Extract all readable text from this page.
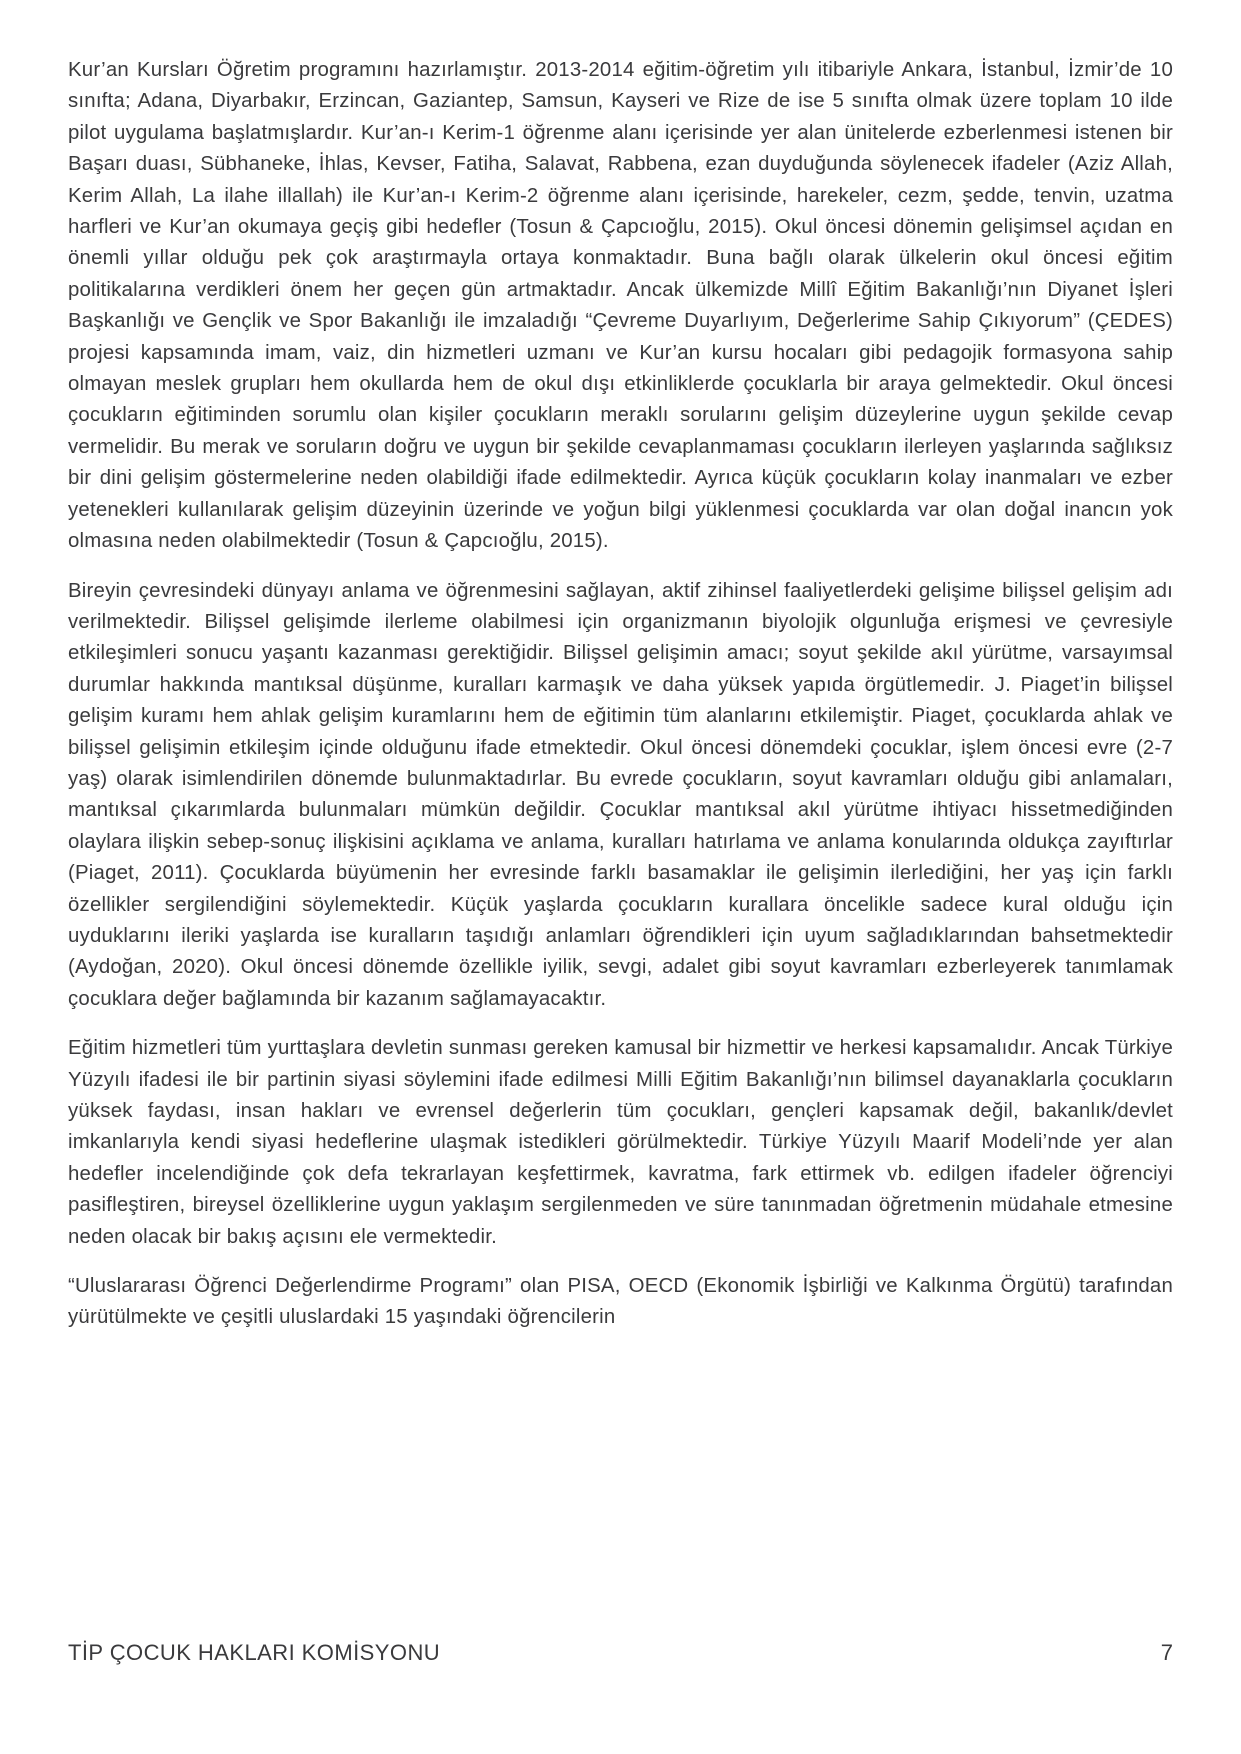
Kur’an Kursları Öğretim programını hazırlamıştır. 2013-2014 eğitim-öğretim yılı itibariyle Ankara, İstanbul, İzmir’de 10 sınıfta; Adana, Diyarbakır, Erzincan, Gaziantep, Samsun, Kayseri ve Rize de ise 5 sınıfta olmak üzere toplam 10 ilde pilot uygulama başlatmışlardır. Kur’an-ı Kerim-1 öğrenme alanı içerisinde yer alan ünitelerde ezberlenmesi istenen bir Başarı duası, Sübhaneke, İhlas, Kevser, Fatiha, Salavat, Rabbena, ezan duyduğunda söylenecek ifadeler (Aziz Allah, Kerim Allah, La ilahe illallah) ile Kur’an-ı Kerim-2 öğrenme alanı içerisinde, harekeler, cezm, şedde, tenvin, uzatma harfleri ve Kur’an okumaya geçiş gibi hedefler (Tosun & Çapcıoğlu, 2015). Okul öncesi dönemin gelişimsel açıdan en önemli yıllar olduğu pek çok araştırmayla ortaya konmaktadır. Buna bağlı olarak ülkelerin okul öncesi eğitim politikalarına verdikleri önem her geçen gün artmaktadır. Ancak ülkemizde Millî Eğitim Bakanlığı’nın Diyanet İşleri Başkanlığı ve Gençlik ve Spor Bakanlığı ile imzaladığı “Çevreme Duyarlıyım, Değerlerime Sahip Çıkıyorum” (ÇEDES) projesi kapsamında imam, vaiz, din hizmetleri uzmanı ve Kur’an kursu hocaları gibi pedagojik formasyona sahip olmayan meslek grupları hem okullarda hem de okul dışı etkinliklerde çocuklarla bir araya gelmektedir. Okul öncesi çocukların eğitiminden sorumlu olan kişiler çocukların meraklı sorularını gelişim düzeylerine uygun şekilde cevap vermelidir. Bu merak ve soruların doğru ve uygun bir şekilde cevaplanmaması çocukların ilerleyen yaşlarında sağlıksız bir dini gelişim göstermelerine neden olabildiği ifade edilmektedir. Ayrıca küçük çocukların kolay inanmaları ve ezber yetenekleri kullanılarak gelişim düzeyinin üzerinde ve yoğun bilgi yüklenmesi çocuklarda var olan doğal inancın yok olmasına neden olabilmektedir (Tosun & Çapcıoğlu, 2015).

Bireyin çevresindeki dünyayı anlama ve öğrenmesini sağlayan, aktif zihinsel faaliyetlerdeki gelişime bilişsel gelişim adı verilmektedir. Bilişsel gelişimde ilerleme olabilmesi için organizmanın biyolojik olgunluğa erişmesi ve çevresiyle etkileşimleri sonucu yaşantı kazanması gerektiğidir. Bilişsel gelişimin amacı; soyut şekilde akıl yürütme, varsayımsal durumlar hakkında mantıksal düşünme, kuralları karmaşık ve daha yüksek yapıda örgütlemedir. J. Piaget’in bilişsel gelişim kuramı hem ahlak gelişim kuramlarını hem de eğitimin tüm alanlarını etkilemiştir. Piaget, çocuklarda ahlak ve bilişsel gelişimin etkileşim içinde olduğunu ifade etmektedir. Okul öncesi dönemdeki çocuklar, işlem öncesi evre (2-7 yaş) olarak isimlendirilen dönemde bulunmaktadırlar. Bu evrede çocukların, soyut kavramları olduğu gibi anlamaları, mantıksal çıkarımlarda bulunmaları mümkün değildir. Çocuklar mantıksal akıl yürütme ihtiyacı hissetmediğinden olaylara ilişkin sebep-sonuç ilişkisini açıklama ve anlama, kuralları hatırlama ve anlama konularında oldukça zayıftırlar (Piaget, 2011). Çocuklarda büyümenin her evresinde farklı basamaklar ile gelişimin ilerlediğini, her yaş için farklı özellikler sergilendiğini söylemektedir. Küçük yaşlarda çocukların kurallara öncelikle sadece kural olduğu için uyduklarını ileriki yaşlarda ise kuralların taşıdığı anlamları öğrendikleri için uyum sağladıklarından bahsetmektedir (Aydoğan, 2020). Okul öncesi dönemde özellikle iyilik, sevgi, adalet gibi soyut kavramları ezberleyerek tanımlamak çocuklara değer bağlamında bir kazanım sağlamayacaktır.

Eğitim hizmetleri tüm yurttaşlara devletin sunması gereken kamusal bir hizmettir ve herkesi kapsamalıdır. Ancak Türkiye Yüzyılı ifadesi ile bir partinin siyasi söylemini ifade edilmesi Milli Eğitim Bakanlığı’nın bilimsel dayanaklarla çocukların yüksek faydası, insan hakları ve evrensel değerlerin tüm çocukları, gençleri kapsamak değil, bakanlık/devlet imkanlarıyla kendi siyasi hedeflerine ulaşmak istedikleri görülmektedir. Türkiye Yüzyılı Maarif Modeli’nde yer alan hedefler incelendiğinde çok defa tekrarlayan keşfettirmek, kavratma, fark ettirmek vb. edilgen ifadeler öğrenciyi pasifleştiren, bireysel özelliklerine uygun yaklaşım sergilenmeden ve süre tanınmadan öğretmenin müdahale etmesine neden olacak bir bakış açısını ele vermektedir.

“Uluslararası Öğrenci Değerlendirme Programı” olan PISA, OECD (Ekonomik İşbirliği ve Kalkınma Örgütü) tarafından yürütülmekte ve çeşitli uluslardaki 15 yaşındaki öğrencilerin

TİP ÇOCUK HAKLARI KOMİSYONU	7
